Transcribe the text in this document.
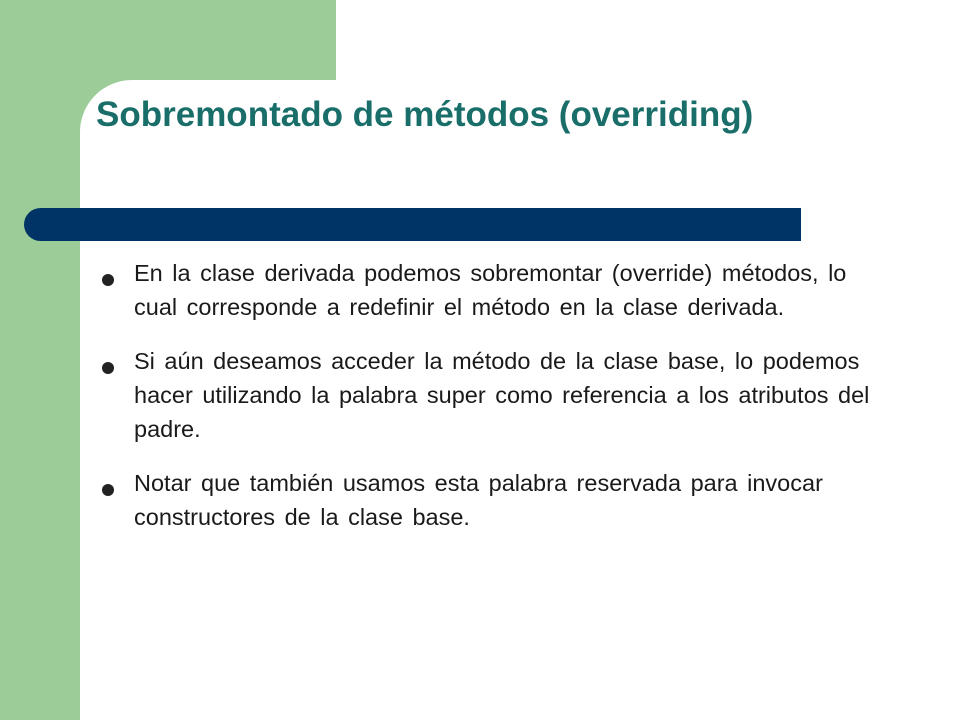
Sobremontado de métodos (overriding)
En la clase derivada podemos sobremontar (override) métodos, lo cual corresponde a redefinir el método en la clase derivada.
Si aún deseamos acceder la método de la clase base, lo podemos hacer utilizando la palabra super como referencia a los atributos del padre.
Notar que también usamos esta palabra reservada para invocar constructores de la clase base.
